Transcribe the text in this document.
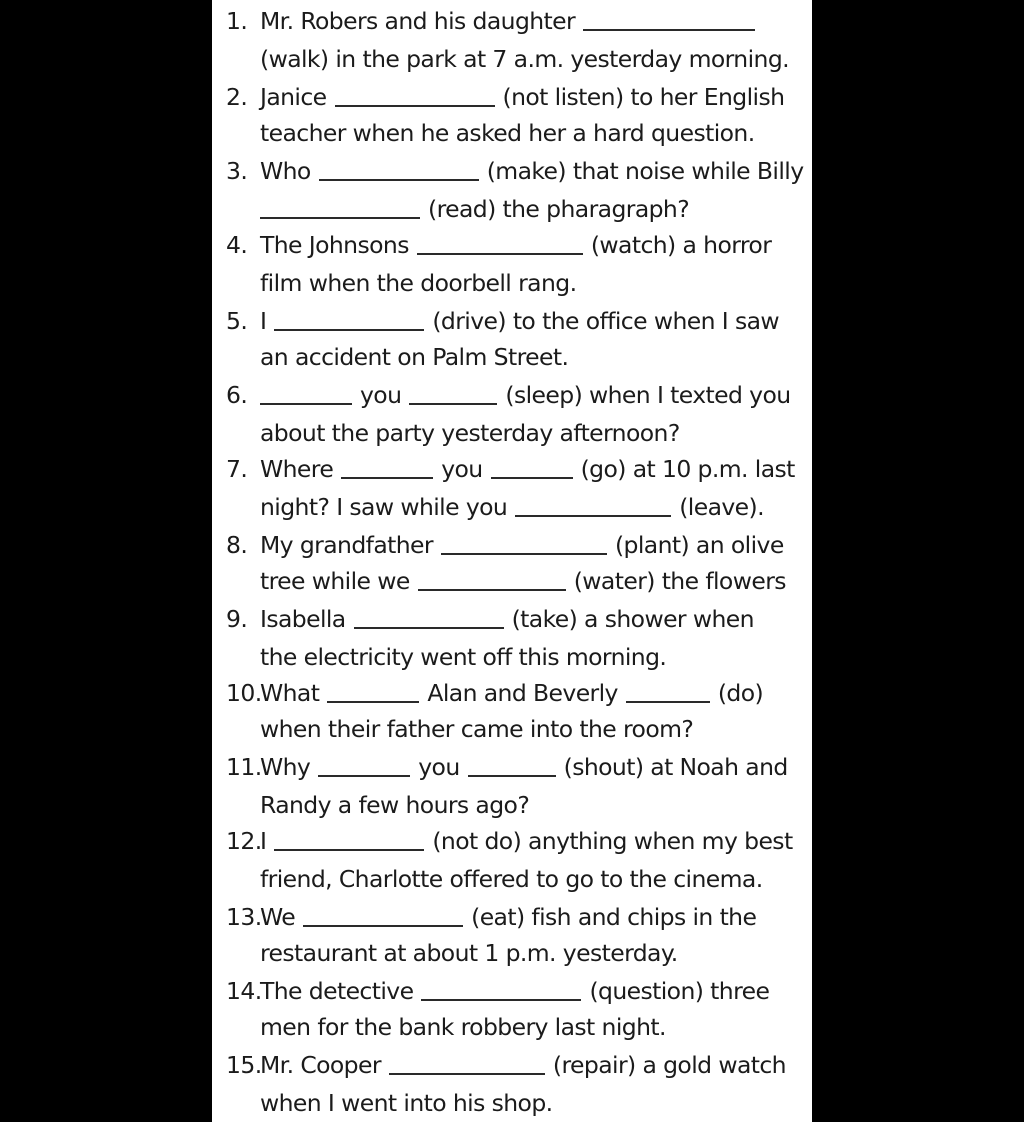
1. Mr. Robers and his daughter
(walk) in the park at 7 a.m. yesterday morning.
2. Janice	(not listen) to her English
teacher when he asked her a hard question.
3. Who	(make) that noise while Billy
(read) the pharagraph?
4. The Johnsons	(watch) a horror
film when the doorbell rang.
5. I	(drive) to the office when I saw
an accident on Palm Street.
6.	you	(sleep) when I texted you
about the party yesterday afternoon?
7. Where	you	(go) at 10 p.m. last
night? I saw while you	(leave).
8. My grandfather	(plant) an olive
tree while we	(water) the flowers
9. Isabella	(take) a shower when
the electricity went off this morning.
10.
What	Alan and Beverly	(do)
when their father came into the room?
11.
Why	you	(shout) at Noah and
Randy a few hours ago?
12.
I	(not do) anything when my best
friend, Charlotte offered to go to the cinema.
13.
We	(eat) fish and chips in the
restaurant at about 1 p.m. yesterday.
14.
The detective	(question) three
men for the bank robbery last night.
15.
Mr. Cooper	(repair) a gold watch
when I went into his shop.
